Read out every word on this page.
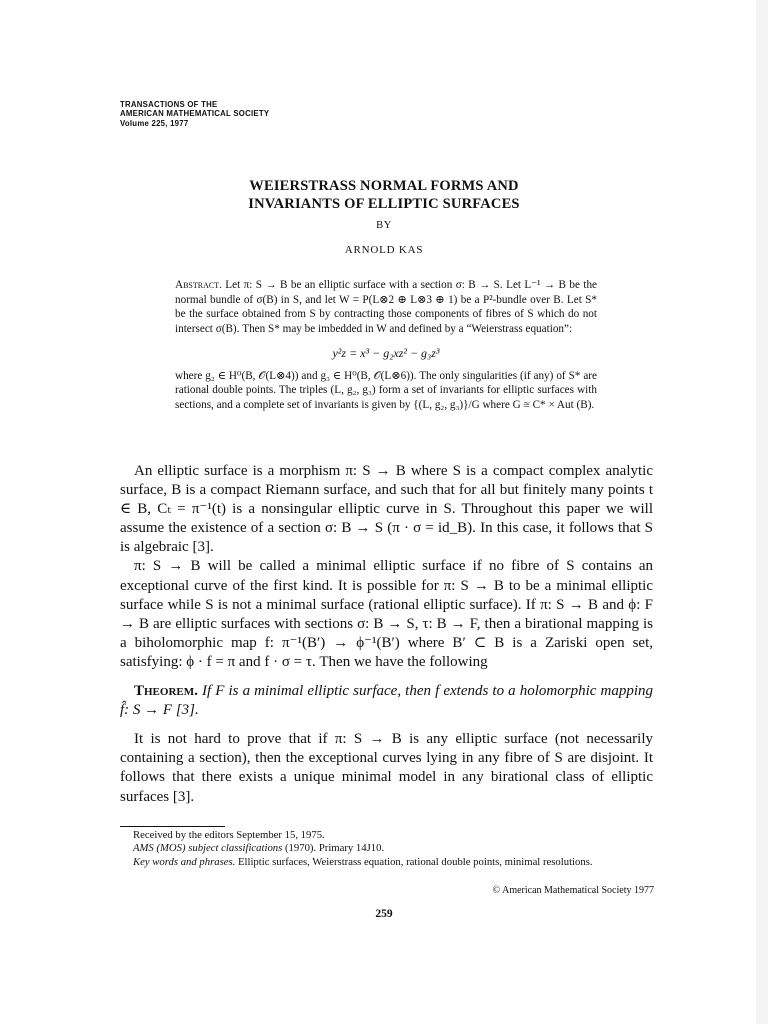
TRANSACTIONS OF THE
AMERICAN MATHEMATICAL SOCIETY
Volume 225, 1977
WEIERSTRASS NORMAL FORMS AND
INVARIANTS OF ELLIPTIC SURFACES
BY
ARNOLD KAS

Abstract. Let π: S → B be an elliptic surface with a section σ: B → S. Let L⁻¹ → B be the normal bundle of σ(B) in S, and let W = P(L⊗2 ⊕ L⊗3 ⊕ 1) be a P²-bundle over B. Let S* be the surface obtained from S by contracting those components of fibres of S which do not intersect σ(B). Then S* may be imbedded in W and defined by a “Weierstrass equation”:

y²z = x³ − g₂xz² − g₃z³

where g₂ ∈ H⁰(B, 𝒪(L⊗4)) and g₃ ∈ H⁰(B, 𝒪(L⊗6)). The only singularities (if any) of S* are rational double points. The triples (L, g₂, g₃) form a set of invariants for elliptic surfaces with sections, and a complete set of invariants is given by {(L, g₂, g₃)}/G where G ≅ C* × Aut (B).

An elliptic surface is a morphism π: S → B where S is a compact complex analytic surface, B is a compact Riemann surface, and such that for all but finitely many points t ∈ B, Cₜ = π⁻¹(t) is a nonsingular elliptic curve in S. Throughout this paper we will assume the existence of a section σ: B → S (π · σ = id_B). In this case, it follows that S is algebraic [3].

π: S → B will be called a minimal elliptic surface if no fibre of S contains an exceptional curve of the first kind. It is possible for π: S → B to be a minimal elliptic surface while S is not a minimal surface (rational elliptic surface). If π: S → B and ϕ: F → B are elliptic surfaces with sections σ: B → S, τ: B → F, then a birational mapping is a biholomorphic map f: π⁻¹(B′) → ϕ⁻¹(B′) where B′ ⊂ B is a Zariski open set, satisfying: ϕ · f = π and f · σ = τ. Then we have the following

Theorem. If F is a minimal elliptic surface, then f extends to a holomorphic mapping f̂: S → F [3].

It is not hard to prove that if π: S → B is any elliptic surface (not necessarily containing a section), then the exceptional curves lying in any fibre of S are disjoint. It follows that there exists a unique minimal model in any birational class of elliptic surfaces [3].

Received by the editors September 15, 1975.
AMS (MOS) subject classifications (1970). Primary 14J10.
Key words and phrases. Elliptic surfaces, Weierstrass equation, rational double points, minimal resolutions.
© American Mathematical Society 1977
259
